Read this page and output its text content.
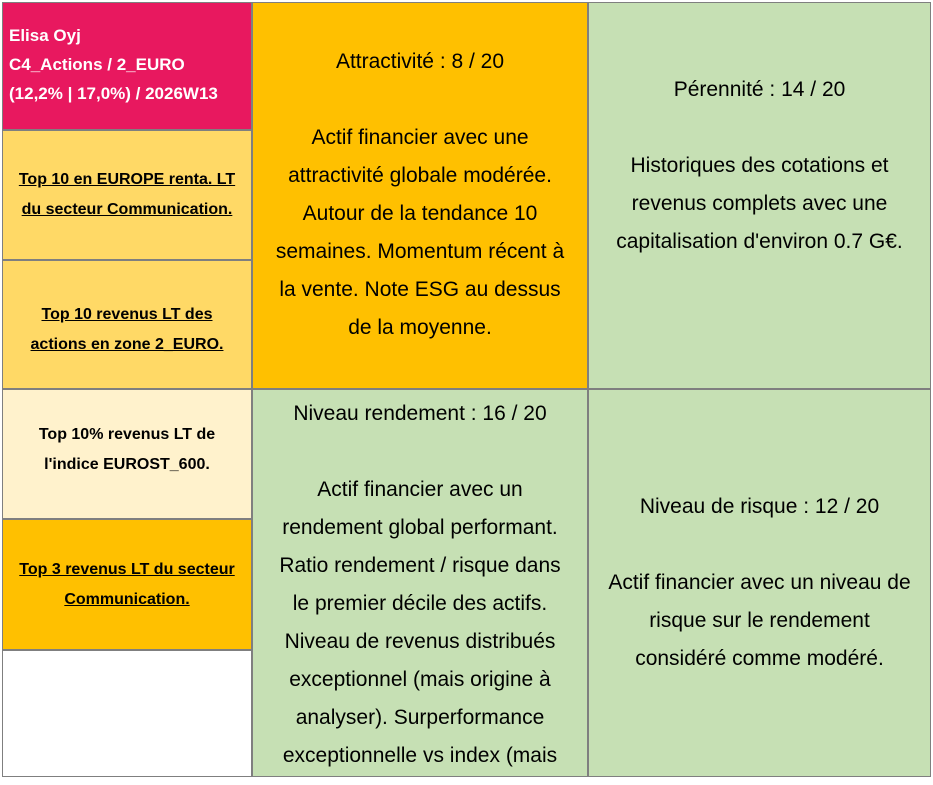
Elisa Oyj
C4_Actions / 2_EURO
(12,2% | 17,0%) / 2026W13
Top 10 en EUROPE renta. LT
du secteur Communication.
Top 10 revenus LT des
actions en zone 2_EURO.
Top 10% revenus LT de
l'indice EUROST_600.
Top 3 revenus LT du secteur
Communication.
Attractivité : 8 / 20
Actif financier avec une
attractivité globale modérée.
Autour de la tendance 10
semaines. Momentum récent à
la vente. Note ESG au dessus
de la moyenne.
Niveau rendement : 16 / 20
Actif financier avec un
rendement global performant.
Ratio rendement / risque dans
le premier décile des actifs.
Niveau de revenus distribués
exceptionnel (mais origine à
analyser). Surperformance
exceptionnelle vs index (mais
Pérennité : 14 / 20
Historiques des cotations et
revenus complets avec une
capitalisation d'environ 0.7 G€.
Niveau de risque : 12 / 20
Actif financier avec un niveau de
risque sur le rendement
considéré comme modéré.
